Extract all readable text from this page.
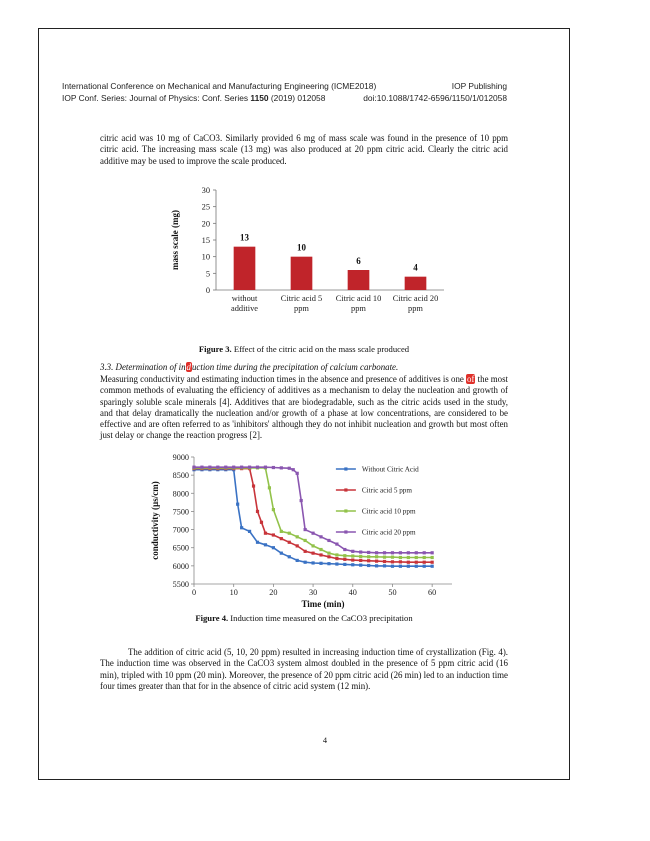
International Conference on Mechanical and Manufacturing Engineering (ICME2018)	IOP Publishing
IOP Conf. Series: Journal of Physics: Conf. Series 1150 (2019) 012058	doi:10.1088/1742-6596/1150/1/012058
citric acid was 10 mg of CaCO3. Similarly provided 6 mg of mass scale was found in the presence of 10 ppm citric acid. The increasing mass scale (13 mg) was also produced at 20 ppm citric acid. Clearly the citric acid additive may be used to improve the scale produced.
0
5
10
15
20
25
30
13
without additive
10
Citric acid 5 ppm
6
Citric acid 10 ppm
4
Citric acid 20 ppm
mass scale (mg)
Figure 3. Effect of the citric acid on the mass scale produced
3.3. Determination of induction time during the precipitation of calcium carbonate.
Measuring conductivity and estimating induction times in the absence and presence of additives is one of the most common methods of evaluating the efficiency of additives as a mechanism to delay the nucleation and growth of sparingly soluble scale minerals [4]. Additives that are biodegradable, such as the citric acids used in the study, and that delay dramatically the nucleation and/or growth of a phase at low concentrations, are considered to be effective and are often referred to as 'inhibitors' although they do not inhibit nucleation and growth but most often just delay or change the reaction progress [2].
5500
6000
6500
7000
7500
8000
8500
9000
0	10	20	30	40	50	60
Without Citric Acid
Citric acid 5 ppm
Citric acid 10 ppm
Citric acid 20 ppm
Time (min)
conductivity (µs/cm)
Figure 4. Induction time measured on the CaCO3 precipitation
The addition of citric acid (5, 10, 20 ppm) resulted in increasing induction time of crystallization (Fig. 4). The induction time was observed in the CaCO3 system almost doubled in the presence of 5 ppm citric acid (16 min), tripled with 10 ppm (20 min). Moreover, the presence of 20 ppm citric acid (26 min) led to an induction time four times greater than that for in the absence of citric acid system (12 min).
4
